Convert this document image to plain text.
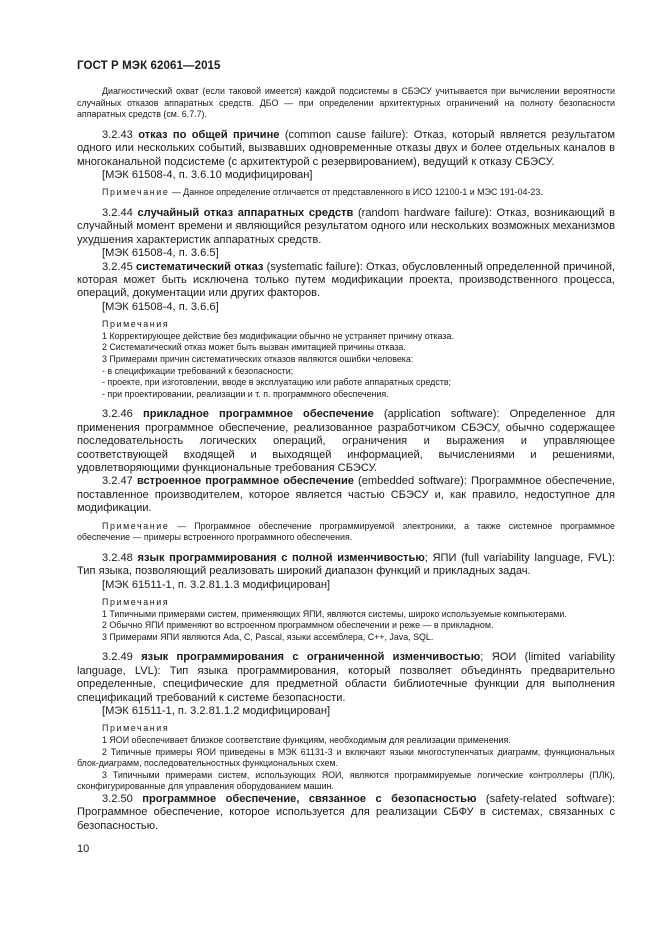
ГОСТ Р МЭК 62061—2015

Диагностический охват (если таковой имеется) каждой подсистемы в СБЭСУ учитывается при вычислении вероятности случайных отказов аппаратных средств. ДБО — при определении архитектурных ограничений на полноту безопасности аппаратных средств (см. 6.7.7).

3.2.43 отказ по общей причине (common cause failure): Отказ, который является результатом одного или нескольких событий, вызвавших одновременные отказы двух и более отдельных каналов в многоканальной подсистеме (с архитектурой с резервированием), ведущий к отказу СБЭСУ.

[МЭК 61508-4, п. 3.6.10 модифицирован]

Примечание — Данное определение отличается от представленного в ИСО 12100-1 и МЭС 191-04-23.

3.2.44 случайный отказ аппаратных средств (random hardware failure): Отказ, возникающий в случайный момент времени и являющийся результатом одного или нескольких возможных механизмов ухудшения характеристик аппаратных средств.

[МЭК 61508-4, п. 3.6.5]

3.2.45 систематический отказ (systematic failure): Отказ, обусловленный определенной причиной, которая может быть исключена только путем модификации проекта, производственного процесса, операций, документации или других факторов.

[МЭК 61508-4, п. 3.6.6]

Примечания

1 Корректирующее действие без модификации обычно не устраняет причину отказа.

2 Систематический отказ может быть вызван имитацией причины отказа.

3 Примерами причин систематических отказов являются ошибки человека:

- в спецификации требований к безопасности;

- проекте, при изготовлении, вводе в эксплуатацию или работе аппаратных средств;

- при проектировании, реализации и т. п. программного обеспечения.

3.2.46 прикладное программное обеспечение (application software): Определенное для применения программное обеспечение, реализованное разработчиком СБЭСУ, обычно содержащее последовательность логических операций, ограничения и выражения и управляющее соответствующей входящей и выходящей информацией, вычислениями и решениями, удовлетворяющими функциональные требования СБЭСУ.

3.2.47 встроенное программное обеспечение (embedded software): Программное обеспечение, поставленное производителем, которое является частью СБЭСУ и, как правило, недоступное для модификации.

Примечание — Программное обеспечение программируемой электроники, а также системное программное обеспечение — примеры встроенного программного обеспечения.

3.2.48 язык программирования с полной изменчивостью; ЯПИ (full variability language, FVL): Тип языка, позволяющий реализовать широкий диапазон функций и прикладных задач.

[МЭК 61511-1, п. 3.2.81.1.3 модифицирован]

Примечания

1 Типичными примерами систем, применяющих ЯПИ, являются системы, широко используемые компьютерами.

2 Обычно ЯПИ применяют во встроенном программном обеспечении и реже — в прикладном.

3 Примерами ЯПИ являются Ada, C, Pascal, языки ассемблера, C++, Java, SQL.

3.2.49 язык программирования с ограниченной изменчивостью; ЯОИ (limited variability language, LVL): Тип языка программирования, который позволяет объединять предварительно определенные, специфические для предметной области библиотечные функции для выполнения спецификаций требований к системе безопасности.

[МЭК 61511-1, п. 3.2.81.1.2 модифицирован]

Примечания

1 ЯОИ обеспечивает близкое соответствие функциям, необходимым для реализации применения.

2 Типичные примеры ЯОИ приведены в МЭК 61131-3 и включают языки многоступенчатых диаграмм, функциональных блок-диаграмм, последовательностных функциональных схем.

3 Типичными примерами систем, использующих ЯОИ, являются программируемые логические контроллеры (ПЛК), сконфигурированные для управления оборудованием машин.

3.2.50 программное обеспечение, связанное с безопасностью (safety-related software): Программное обеспечение, которое используется для реализации СБФУ в системах, связанных с безопасностью.

10
